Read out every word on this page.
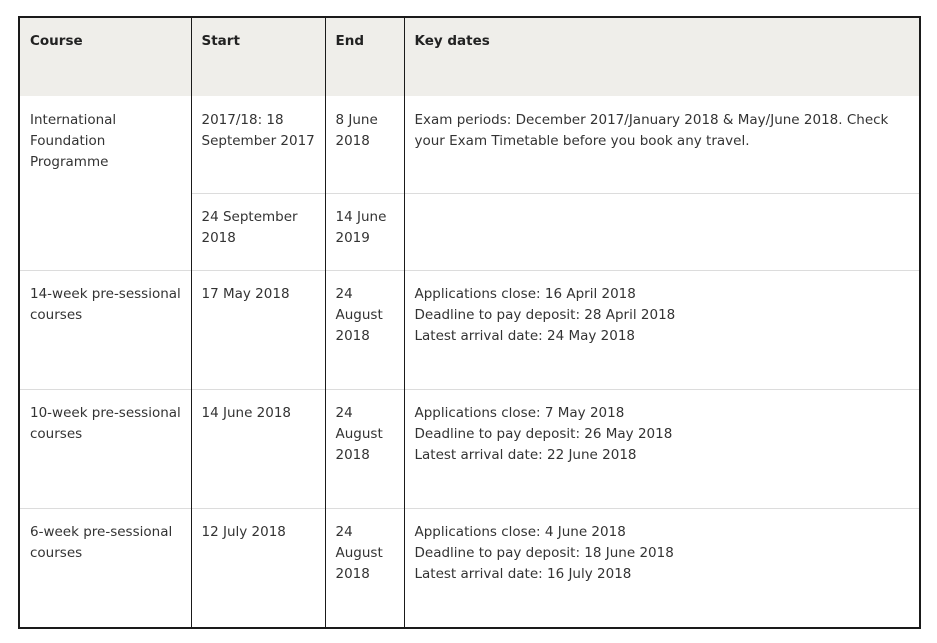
Course	Start	End	Key dates
International Foundation Programme	2017/18: 18 September 2017	8 June 2018	Exam periods: December 2017/January 2018 & May/June 2018. Check your Exam Timetable before you book any travel.

	24 September 2018	14 June 2019	
14-week pre-sessional courses	17 May 2018	24 August 2018	Applications close: 16 April 2018
Deadline to pay deposit: 28 April 2018
Latest arrival date: 24 May 2018

10-week pre-sessional courses	14 June 2018	24 August 2018	Applications close: 7 May 2018
Deadline to pay deposit: 26 May 2018
Latest arrival date: 22 June 2018

6-week pre-sessional courses	12 July 2018	24 August 2018	Applications close: 4 June 2018
Deadline to pay deposit: 18 June 2018
Latest arrival date: 16 July 2018
